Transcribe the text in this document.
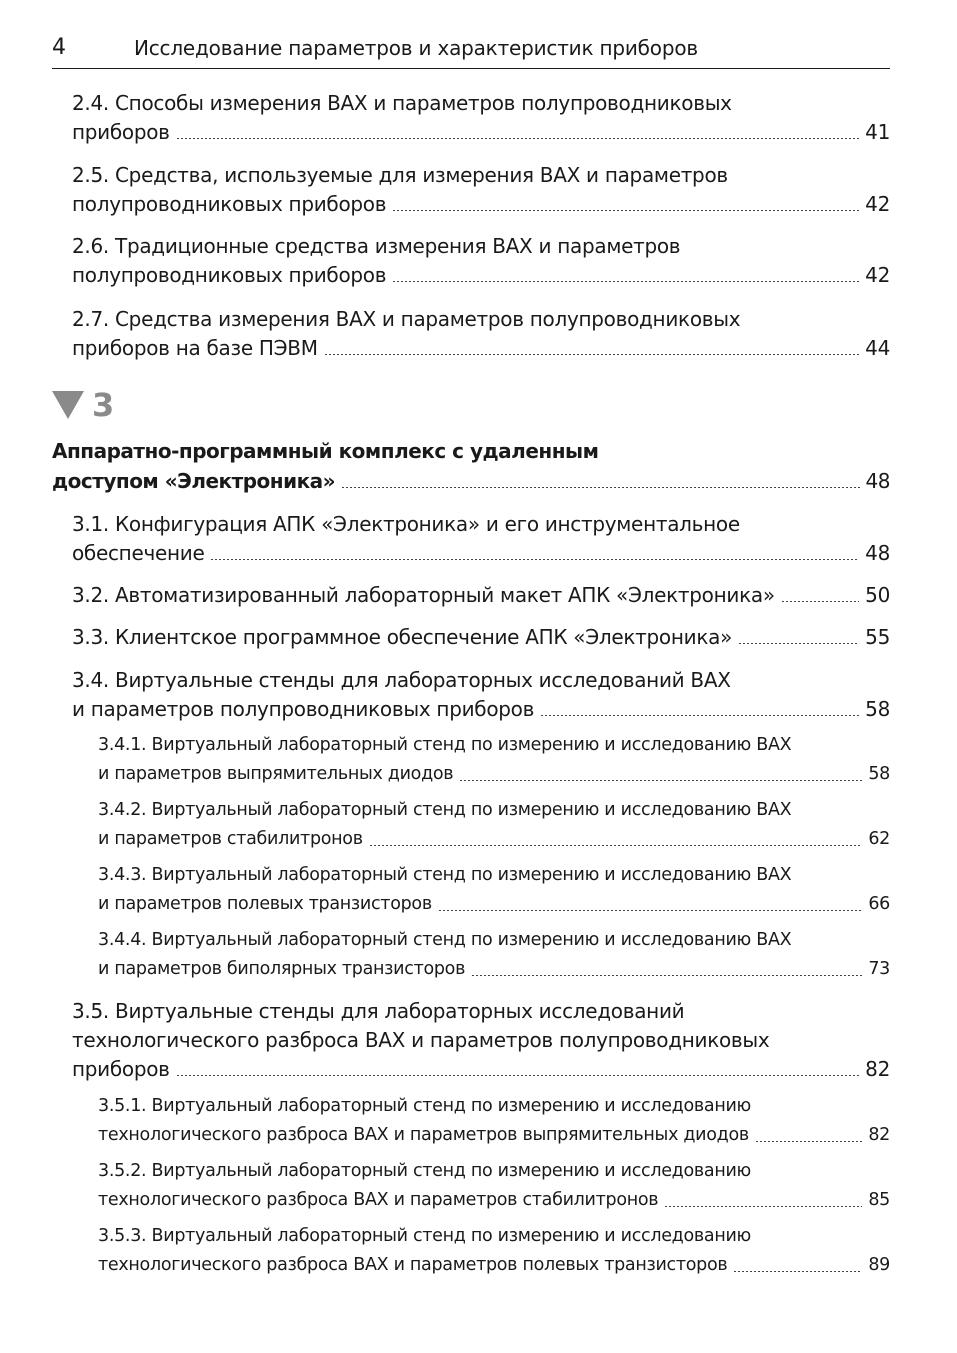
4	Исследование параметров и характеристик приборов
2.4. Способы измерения ВАХ и параметров полупроводниковых
приборов	41
2.5. Средства, используемые для измерения ВАХ и параметров
полупроводниковых приборов	42
2.6. Традиционные средства измерения ВАХ и параметров
полупроводниковых приборов	42
2.7. Средства измерения ВАХ и параметров полупроводниковых
приборов на базе ПЭВМ	44
3
Аппаратно-программный комплекс с удаленным
доступом «Электроника»	48
3.1. Конфигурация АПК «Электроника» и его инструментальное
обеспечение	48
3.2. Автоматизированный лабораторный макет АПК «Электроника»	50
3.3. Клиентское программное обеспечение АПК «Электроника»	55
3.4. Виртуальные стенды для лабораторных исследований ВАХ
и параметров полупроводниковых приборов	58
3.4.1. Виртуальный лабораторный стенд по измерению и исследованию ВАХ
и параметров выпрямительных диодов	58
3.4.2. Виртуальный лабораторный стенд по измерению и исследованию ВАХ
и параметров стабилитронов	62
3.4.3. Виртуальный лабораторный стенд по измерению и исследованию ВАХ
и параметров полевых транзисторов	66
3.4.4. Виртуальный лабораторный стенд по измерению и исследованию ВАХ
и параметров биполярных транзисторов	73
3.5. Виртуальные стенды для лабораторных исследований
технологического разброса ВАХ и параметров полупроводниковых
приборов	82
3.5.1. Виртуальный лабораторный стенд по измерению и исследованию
технологического разброса ВАХ и параметров выпрямительных диодов	82
3.5.2. Виртуальный лабораторный стенд по измерению и исследованию
технологического разброса ВАХ и параметров стабилитронов	85
3.5.3. Виртуальный лабораторный стенд по измерению и исследованию
технологического разброса ВАХ и параметров полевых транзисторов	89
